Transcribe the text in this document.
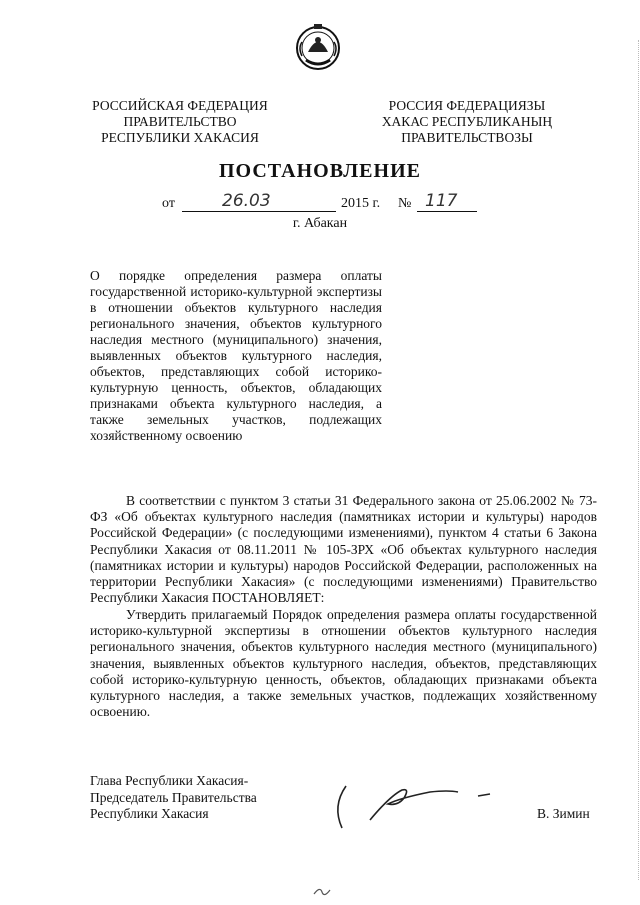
РОССИЙСКАЯ ФЕДЕРАЦИЯ
ПРАВИТЕЛЬСТВО
РЕСПУБЛИКИ ХАКАСИЯ
РОССИЯ ФЕДЕРАЦИЯЗЫ
ХАКАС РЕСПУБЛИКАНЫҢ
ПРАВИТЕЛЬСТВОЗЫ
ПОСТАНОВЛЕНИЕ
от	26.03	2015 г. № 117
г. Абакан
О порядке определения размера оплаты государственной историко-культурной экспертизы в отношении объектов культурного наследия регионального значения, объектов культурного наследия местного (муниципального) значения, выявленных объектов культурного наследия, объектов, представляющих собой историко-культурную ценность, объектов, обладающих признаками объекта культурного наследия, а также земельных участков, подлежащих хозяйственному освоению
В соответствии с пунктом 3 статьи 31 Федерального закона от 25.06.2002 № 73-ФЗ «Об объектах культурного наследия (памятниках истории и культуры) народов Российской Федерации» (с последующими изменениями), пунктом 4 статьи 6 Закона Республики Хакасия от 08.11.2011 № 105-ЗРХ «Об объектах культурного наследия (памятниках истории и культуры) народов Российской Федерации, расположенных на территории Республики Хакасия» (с последующими изменениями) Правительство Республики Хакасия ПОСТАНОВЛЯЕТ:
Утвердить прилагаемый Порядок определения размера оплаты государственной историко-культурной экспертизы в отношении объектов культурного наследия регионального значения, объектов культурного наследия местного (муниципального) значения, выявленных объектов культурного наследия, объектов, представляющих собой историко-культурную ценность, объектов, обладающих признаками объекта культурного наследия, а также земельных участков, подлежащих хозяйственному освоению.
Глава Республики Хакасия-
Председатель Правительства
Республики Хакасия	В. Зимин
